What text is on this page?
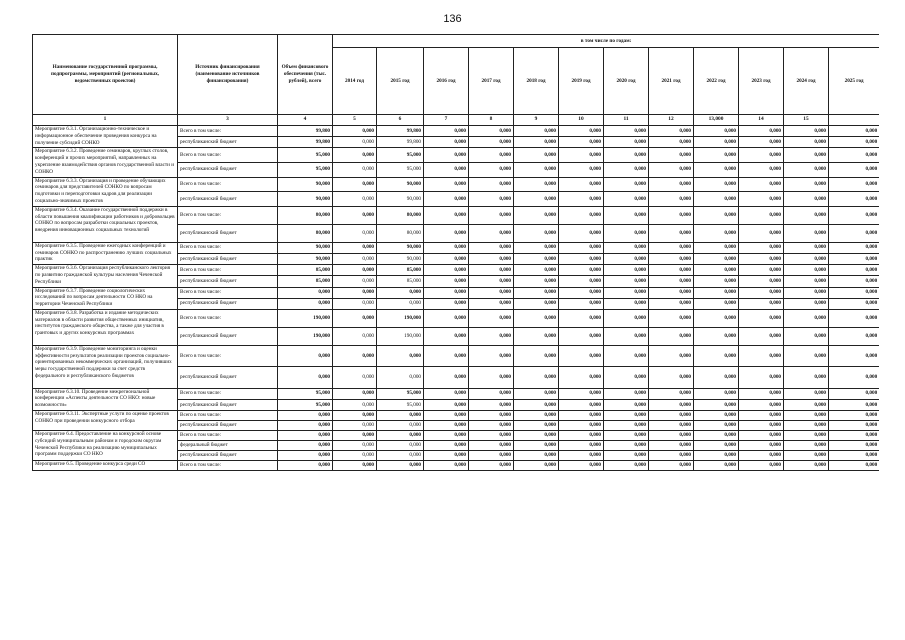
136
Наименование государственной программы, подпрограммы, мероприятий (региональных, ведомственных проектов)	Источник финансирования (наименование источников финансирования)	Объем финансового обеспечения (тыс. рублей), всего	в том числе по годам:											
			2014 год	2015 год	2016 год	2017 год	2018 год	2019 год	2020 год	2021 год	2022 год	2023 год	2024 год	2025 год
1	3	4	5	6	7	8	9	10	11	12	13,000	14	15	
Мероприятие 6.3.1. Организационно-техническое и информационное обеспечение проведения конкурса на получение субсидий СОНКО	Всего в том числе:	99,800	0,000	99,800	0,000	0,000	0,000	0,000	0,000	0,000	0,000	0,000	0,000	0,000
	республиканский бюджет	99,800	0,000	99,800	0,000	0,000	0,000	0,000	0,000	0,000	0,000	0,000	0,000	0,000
Мероприятие 6.3.2. Проведение семинаров, круглых столов, конференций и прочих мероприятий, направленных на укрепление взаимодействия органов государственной власти и СОНКО	Всего в том числе:	95,000	0,000	95,000	0,000	0,000	0,000	0,000	0,000	0,000	0,000	0,000	0,000	0,000
	республиканский бюджет	95,000	0,000	95,000	0,000	0,000	0,000	0,000	0,000	0,000	0,000	0,000	0,000	0,000
Мероприятие 6.3.3. Организация и проведение обучающих семинаров для представителей СОНКО по вопросам подготовки и переподготовки кадров для реализации социально-значимых проектов	Всего в том числе:	90,000	0,000	90,000	0,000	0,000	0,000	0,000	0,000	0,000	0,000	0,000	0,000	0,000
	республиканский бюджет	90,000	0,000	90,000	0,000	0,000	0,000	0,000	0,000	0,000	0,000	0,000	0,000	0,000
Мероприятие 6.3.4. Оказание государственной поддержки в области повышения квалификации работников и добровольцев СОНКО по вопросам разработки социальных проектов, внедрения инновационных социальных технологий	Всего в том числе:	80,000	0,000	80,000	0,000	0,000	0,000	0,000	0,000	0,000	0,000	0,000	0,000	0,000
	республиканский бюджет	80,000	0,000	80,000	0,000	0,000	0,000	0,000	0,000	0,000	0,000	0,000	0,000	0,000
Мероприятие 6.3.5. Проведение ежегодных конференций и семинаров СОНКО по распространению лучших социальных практик	Всего в том числе:	90,000	0,000	90,000	0,000	0,000	0,000	0,000	0,000	0,000	0,000	0,000	0,000	0,000
	республиканский бюджет	90,000	0,000	90,000	0,000	0,000	0,000	0,000	0,000	0,000	0,000	0,000	0,000	0,000
Мероприятие 6.3.6. Организация республиканского лектория по развитию гражданской культуры населения Чеченской Республики	Всего в том числе:	85,000	0,000	85,000	0,000	0,000	0,000	0,000	0,000	0,000	0,000	0,000	0,000	0,000
	республиканский бюджет	85,000	0,000	85,000	0,000	0,000	0,000	0,000	0,000	0,000	0,000	0,000	0,000	0,000
Мероприятие 6.3.7. Проведение социологических исследований по вопросам деятельности СО НКО на территории Чеченской Республики	Всего в том числе:	0,000	0,000	0,000	0,000	0,000	0,000	0,000	0,000	0,000	0,000	0,000	0,000	0,000
	республиканский бюджет	0,000	0,000	0,000	0,000	0,000	0,000	0,000	0,000	0,000	0,000	0,000	0,000	0,000
Мероприятие 6.3.8. Разработка и издание методических материалов в области развития общественных инициатив, институтов гражданского общества, а также для участия в грантовых и других конкурсных программах	Всего в том числе:	190,000	0,000	190,000	0,000	0,000	0,000	0,000	0,000	0,000	0,000	0,000	0,000	0,000
	республиканский бюджет	190,000	0,000	190,000	0,000	0,000	0,000	0,000	0,000	0,000	0,000	0,000	0,000	0,000
Мероприятие 6.3.9. Проведение мониторинга и оценки эффективности результатов реализации проектов социально-ориентированных некоммерческих организаций, получивших меры государственной поддержки за счет средств федерального и республиканского бюджетов	Всего в том числе:	0,000	0,000	0,000	0,000	0,000	0,000	0,000	0,000	0,000	0,000	0,000	0,000	0,000
	республиканский бюджет	0,000	0,000	0,000	0,000	0,000	0,000	0,000	0,000	0,000	0,000	0,000	0,000	0,000
Мероприятие 6.3.10. Проведение межрегиональной конференции «Аспекты деятельности СО НКО: новые возможности»	Всего в том числе:	95,000	0,000	95,000	0,000	0,000	0,000	0,000	0,000	0,000	0,000	0,000	0,000	0,000
	республиканский бюджет	95,000	0,000	95,000	0,000	0,000	0,000	0,000	0,000	0,000	0,000	0,000	0,000	0,000
Мероприятие 6.3.11. Экспертные услуги по оценке проектов СОНКО при проведении конкурсного отбора	Всего в том числе:	0,000	0,000	0,000	0,000	0,000	0,000	0,000	0,000	0,000	0,000	0,000	0,000	0,000
	республиканский бюджет	0,000	0,000	0,000	0,000	0,000	0,000	0,000	0,000	0,000	0,000	0,000	0,000	0,000
Мероприятие 6.4. Предоставление на конкурсной основе субсидий муниципальным районам и городским округам Чеченской Республики на реализацию муниципальных программ поддержки СО НКО	Всего в том числе:	0,000	0,000	0,000	0,000	0,000	0,000	0,000	0,000	0,000	0,000	0,000	0,000	0,000
	федеральный бюджет	0,000	0,000	0,000	0,000	0,000	0,000	0,000	0,000	0,000	0,000	0,000	0,000	0,000
	республиканский бюджет	0,000	0,000	0,000	0,000	0,000	0,000	0,000	0,000	0,000	0,000	0,000	0,000	0,000
Мероприятие 6.5. Проведение конкурса среди СО	Всего в том числе:	0,000	0,000	0,000	0,000	0,000	0,000	0,000	0,000	0,000	0,000	0,000	0,000	0,000
